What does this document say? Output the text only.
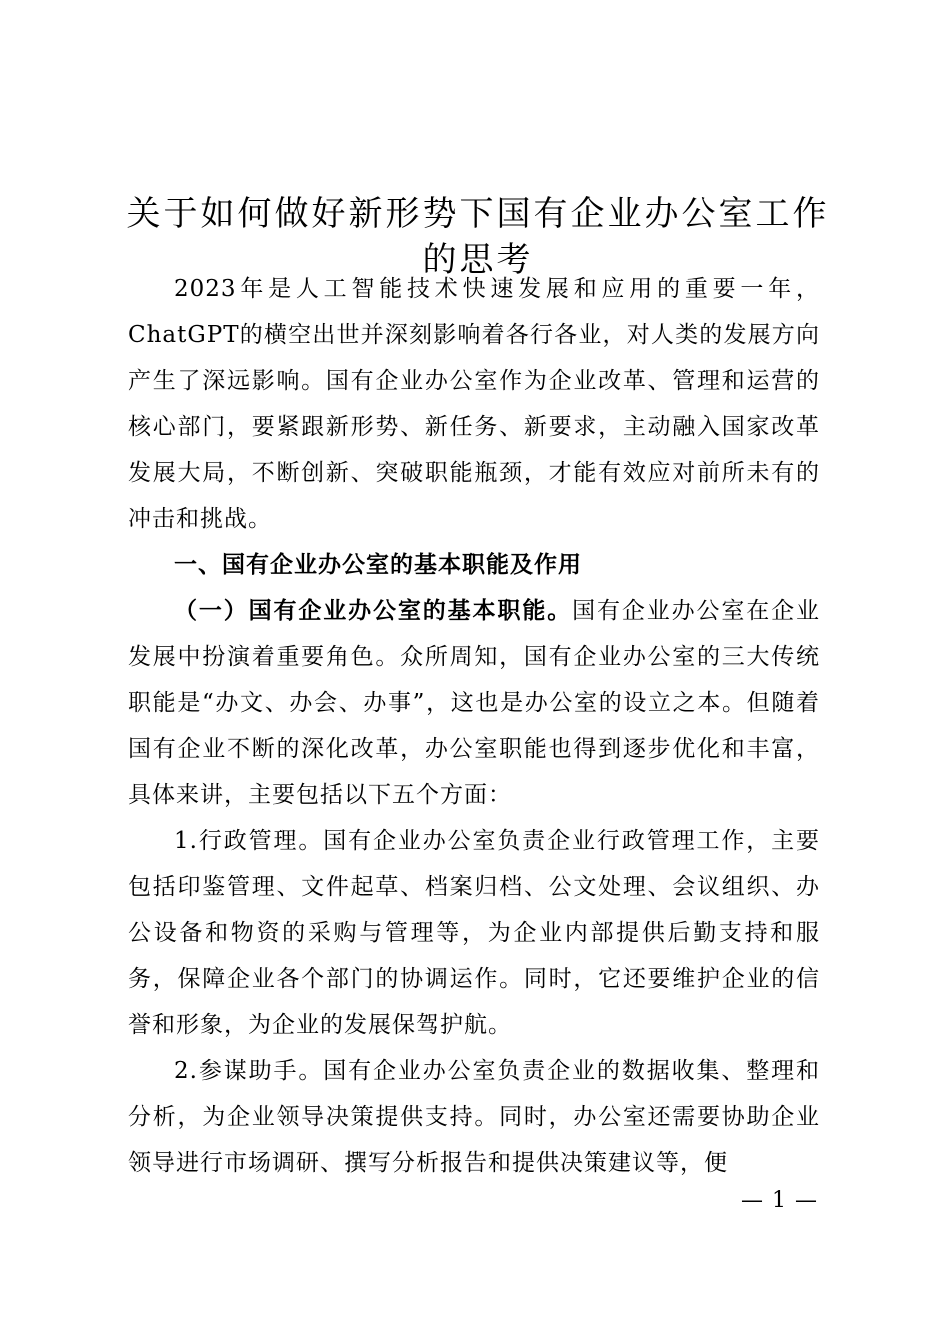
关于如何做好新形势下国有企业办公室工作的思考

2023年是人工智能技术快速发展和应用的重要一年，ChatGPT的横空出世并深刻影响着各行各业，对人类的发展方向产生了深远影响。国有企业办公室作为企业改革、管理和运营的核心部门，要紧跟新形势、新任务、新要求，主动融入国家改革发展大局，不断创新、突破职能瓶颈，才能有效应对前所未有的冲击和挑战。

一、国有企业办公室的基本职能及作用

（一）国有企业办公室的基本职能。国有企业办公室在企业发展中扮演着重要角色。众所周知，国有企业办公室的三大传统职能是“办文、办会、办事”，这也是办公室的设立之本。但随着国有企业不断的深化改革，办公室职能也得到逐步优化和丰富，具体来讲，主要包括以下五个方面：

1.行政管理。国有企业办公室负责企业行政管理工作，主要包括印鉴管理、文件起草、档案归档、公文处理、会议组织、办公设备和物资的采购与管理等，为企业内部提供后勤支持和服务，保障企业各个部门的协调运作。同时，它还要维护企业的信誉和形象，为企业的发展保驾护航。

2.参谋助手。国有企业办公室负责企业的数据收集、整理和分析，为企业领导决策提供支持。同时，办公室还需要协助企业领导进行市场调研、撰写分析报告和提供决策建议等，便

— 1 —
